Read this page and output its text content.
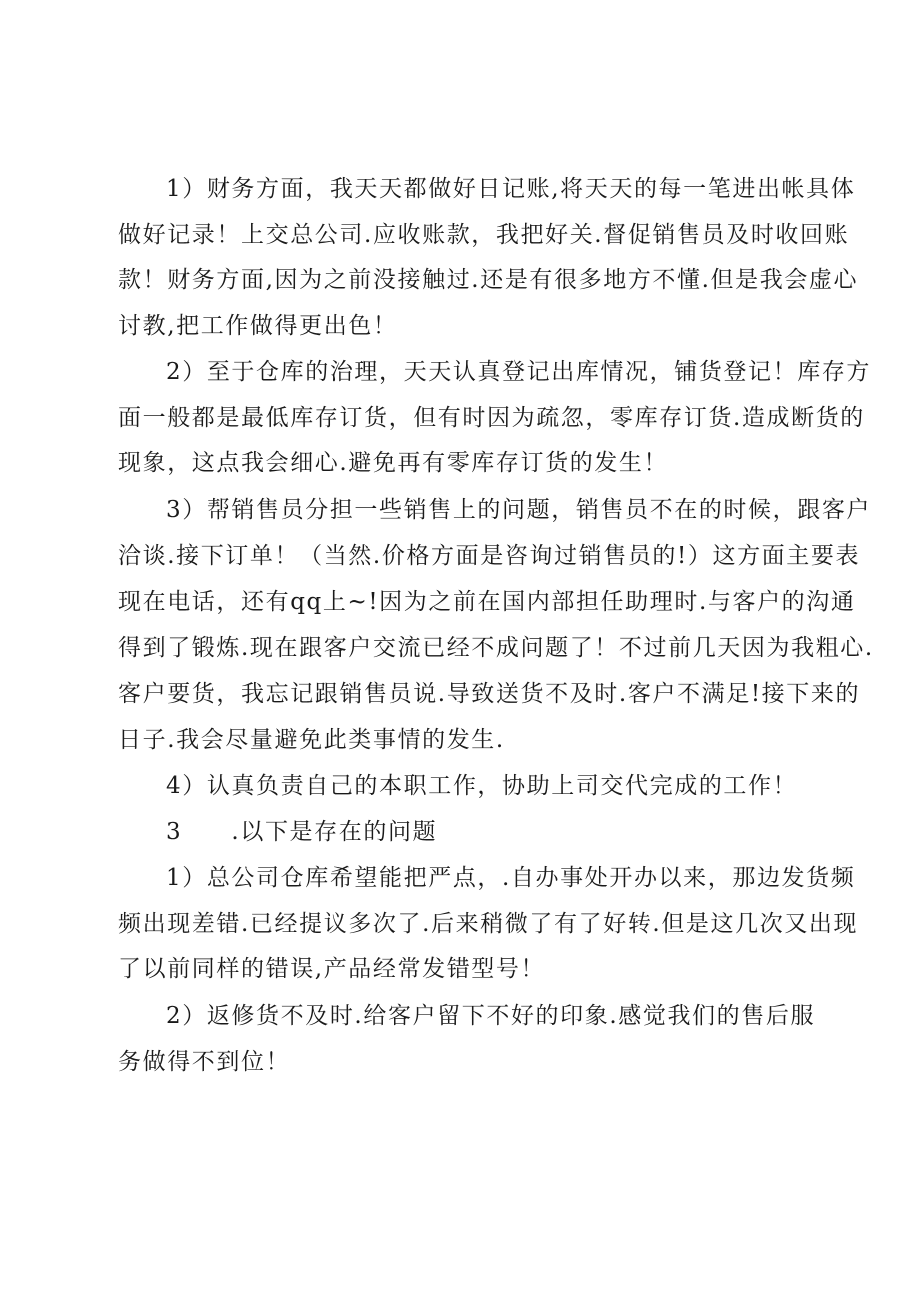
1）财务方面，我天天都做好日记账,将天天的每一笔进出帐具体
做好记录！上交总公司.应收账款，我把好关.督促销售员及时收回账
款！财务方面,因为之前没接触过.还是有很多地方不懂.但是我会虚心
讨教,把工作做得更出色！
2）至于仓库的治理，天天认真登记出库情况，铺货登记！库存方
面一般都是最低库存订货，但有时因为疏忽，零库存订货.造成断货的
现象，这点我会细心.避免再有零库存订货的发生！
3）帮销售员分担一些销售上的问题，销售员不在的时候，跟客户
洽谈.接下订单！（当然.价格方面是咨询过销售员的!）这方面主要表
现在电话，还有qq上~!因为之前在国内部担任助理时.与客户的沟通
得到了锻炼.现在跟客户交流已经不成问题了！不过前几天因为我粗心.
客户要货，我忘记跟销售员说.导致送货不及时.客户不满足!接下来的
日子.我会尽量避免此类事情的发生.
4）认真负责自己的本职工作，协助上司交代完成的工作！
3　　.以下是存在的问题
1）总公司仓库希望能把严点，.自办事处开办以来，那边发货频
频出现差错.已经提议多次了.后来稍微了有了好转.但是这几次又出现
了以前同样的错误,产品经常发错型号！
2）返修货不及时.给客户留下不好的印象.感觉我们的售后服
务做得不到位！
